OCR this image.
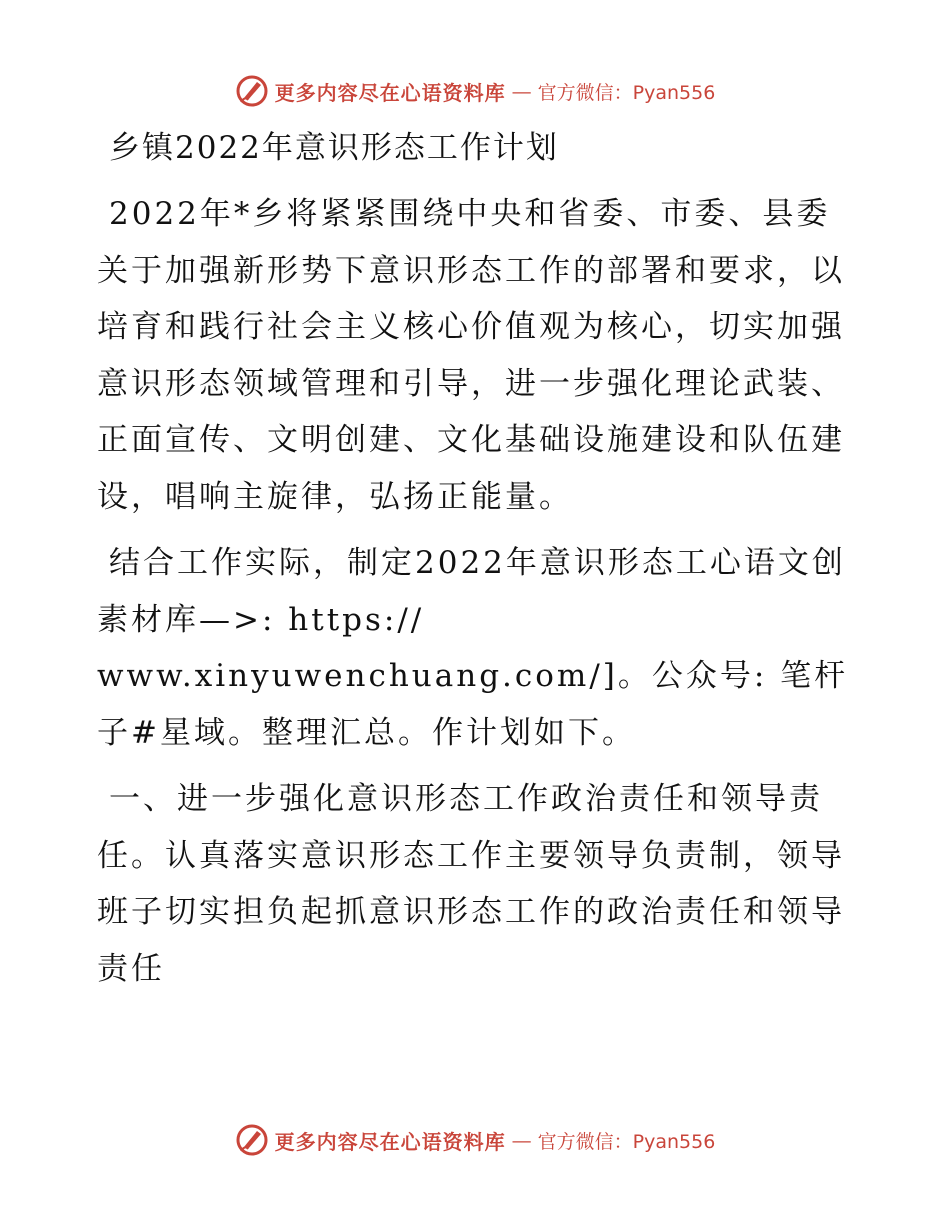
更多内容尽在心语资料库 — 官方微信：Pyan556
乡镇2022年意识形态工作计划

2022年*乡将紧紧围绕中央和省委、市委、县委关于加强新形势下意识形态工作的部署和要求，以培育和践行社会主义核心价值观为核心，切实加强意识形态领域管理和引导，进一步强化理论武装、正面宣传、文明创建、文化基础设施建设和队伍建设，唱响主旋律，弘扬正能量。

结合工作实际，制定2022年意识形态工心语文创素材库—>: https://
www.xinyuwenchuang.com/]。公众号: 笔杆子#星域。整理汇总。作计划如下。

一、进一步强化意识形态工作政治责任和领导责任。认真落实意识形态工作主要领导负责制，领导班子切实担负起抓意识形态工作的政治责任和领导责任

更多内容尽在心语资料库 — 官方微信：Pyan556
